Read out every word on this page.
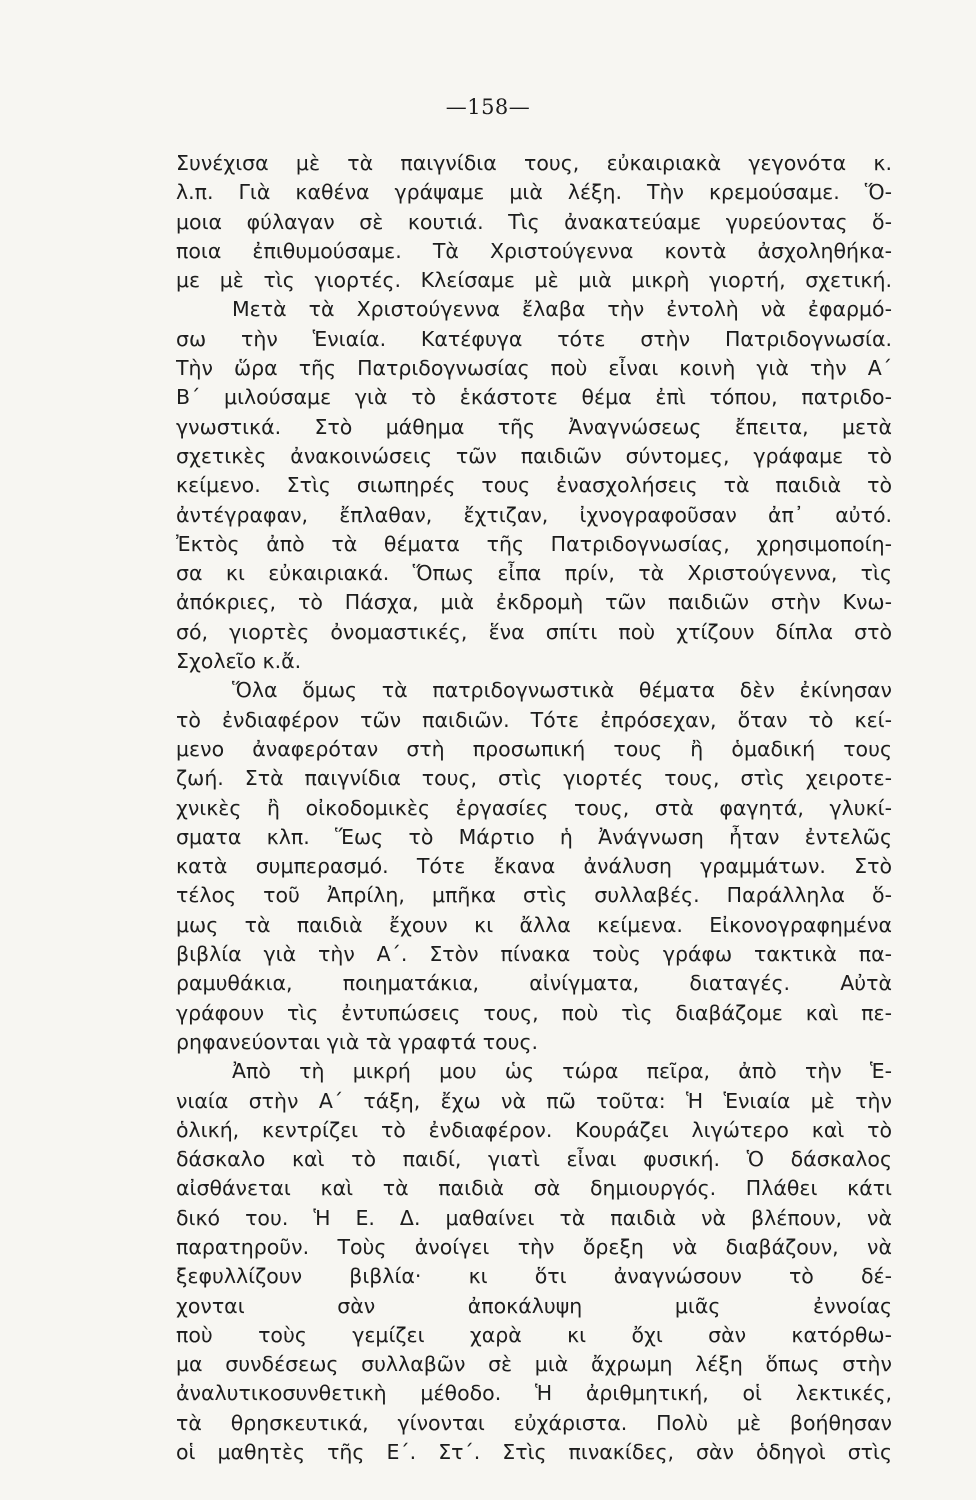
—158—
Συνέχισα μὲ τὰ παιγνίδια τους, εὐκαιριακὰ γεγονότα κ.
λ.π. Γιὰ καθένα γράψαμε μιὰ λέξη. Τὴν κρεμούσαμε. Ὅ-
μοια φύλαγαν σὲ κουτιά. Τὶς ἀνακατεύαμε γυρεύοντας ὅ-
ποια ἐπιθυμούσαμε. Τὰ Χριστούγεννα κοντὰ ἀσχοληθήκα-
με μὲ τὶς γιορτές. Κλείσαμε μὲ μιὰ μικρὴ γιορτή, σχετική.
Μετὰ τὰ Χριστούγεννα ἔλαβα τὴν ἐντολὴ νὰ ἐφαρμό-
σω τὴν Ἑνιαία. Κατέφυγα τότε στὴν Πατριδογνωσία.
Τὴν ὥρα τῆς Πατριδογνωσίας ποὺ εἶναι κοινὴ γιὰ τὴν Α΄
Β΄ μιλούσαμε γιὰ τὸ ἑκάστοτε θέμα ἐπὶ τόπου, πατριδο-
γνωστικά. Στὸ μάθημα τῆς Ἀναγνώσεως ἔπειτα, μετὰ
σχετικὲς ἀνακοινώσεις τῶν παιδιῶν σύντομες, γράφαμε τὸ
κείμενο. Στὶς σιωπηρές τους ἐνασχολήσεις τὰ παιδιὰ τὸ
ἀντέγραφαν, ἔπλαθαν, ἔχτιζαν, ἰχνογραφοῦσαν ἀπ᾿ αὐτό.
Ἐκτὸς ἀπὸ τὰ θέματα τῆς Πατριδογνωσίας, χρησιμοποίη-
σα κι εὐκαιριακά. Ὅπως εἶπα πρίν, τὰ Χριστούγεννα, τὶς
ἀπόκριες, τὸ Πάσχα, μιὰ ἐκδρομὴ τῶν παιδιῶν στὴν Κνω-
σό, γιορτὲς ὀνομαστικές, ἕνα σπίτι ποὺ χτίζουν δίπλα στὸ
Σχολεῖο κ.ἄ.
Ὅλα ὅμως τὰ πατριδογνωστικὰ θέματα δὲν ἐκίνησαν
τὸ ἐνδιαφέρον τῶν παιδιῶν. Τότε ἐπρόσεχαν, ὅταν τὸ κεί-
μενο ἀναφερόταν στὴ προσωπική τους ἢ ὁμαδική τους
ζωή. Στὰ παιγνίδια τους, στὶς γιορτές τους, στὶς χειροτε-
χνικὲς ἢ οἰκοδομικὲς ἐργασίες τους, στὰ φαγητά, γλυκί-
σματα κλπ. Ἕως τὸ Μάρτιο ἡ Ἀνάγνωση ἦταν ἐντελῶς
κατὰ συμπερασμό. Τότε ἔκανα ἀνάλυση γραμμάτων. Στὸ
τέλος τοῦ Ἀπρίλη, μπῆκα στὶς συλλαβές. Παράλληλα ὅ-
μως τὰ παιδιὰ ἔχουν κι ἄλλα κείμενα. Εἰκονογραφημένα
βιβλία γιὰ τὴν Α΄. Στὸν πίνακα τοὺς γράφω τακτικὰ πα-
ραμυθάκια, ποιηματάκια, αἰνίγματα, διαταγές. Αὐτὰ
γράφουν τὶς ἐντυπώσεις τους, ποὺ τὶς διαβάζομε καὶ πε-
ρηφανεύονται γιὰ τὰ γραφτά τους.
Ἀπὸ τὴ μικρή μου ὡς τώρα πεῖρα, ἀπὸ τὴν Ἑ-
νιαία στὴν Α΄ τάξη, ἔχω νὰ πῶ τοῦτα: Ἡ Ἑνιαία μὲ τὴν
ὁλική, κεντρίζει τὸ ἐνδιαφέρον. Κουράζει λιγώτερο καὶ τὸ
δάσκαλο καὶ τὸ παιδί, γιατὶ εἶναι φυσική. Ὁ δάσκαλος
αἰσθάνεται καὶ τὰ παιδιὰ σὰ δημιουργός. Πλάθει κάτι
δικό του. Ἡ Ε. Δ. μαθαίνει τὰ παιδιὰ νὰ βλέπουν, νὰ
παρατηροῦν. Τοὺς ἀνοίγει τὴν ὄρεξη νὰ διαβάζουν, νὰ
ξεφυλλίζουν βιβλία· κι ὅτι ἀναγνώσουν τὸ δέ-
χονται σὰν ἀποκάλυψη μιᾶς ἐννοίας
ποὺ τοὺς γεμίζει χαρὰ κι ὄχι σὰν κατόρθω-
μα συνδέσεως συλλαβῶν σὲ μιὰ ἄχρωμη λέξη ὅπως στὴν
ἀναλυτικοσυνθετικὴ μέθοδο. Ἡ ἀριθμητική, οἱ λεκτικές,
τὰ θρησκευτικά, γίνονται εὐχάριστα. Πολὺ μὲ βοήθησαν
οἱ μαθητὲς τῆς Ε΄. Στ΄. Στὶς πινακίδες, σὰν ὁδηγοὶ στὶς
